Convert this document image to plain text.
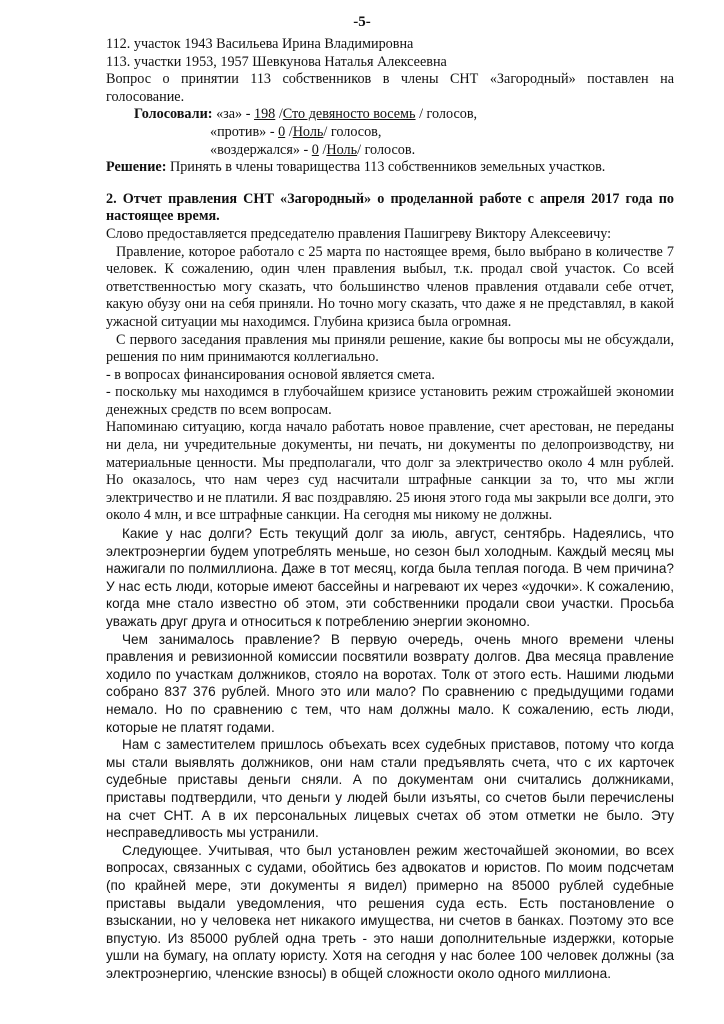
-5-

112. участок 1943 Васильева Ирина Владимировна

113. участки 1953, 1957 Шевкунова Наталья Алексеевна

Вопрос о принятии 113 собственников в члены СНТ «Загородный» поставлен на голосование.

Голосовали: «за» - 198 /Сто девяносто восемь / голосов,

«против» - 0 /Ноль/ голосов,

«воздержался» - 0 /Ноль/ голосов.

Решение: Принять в члены товарищества 113 собственников земельных участков.

2. Отчет правления СНТ «Загородный» о проделанной работе с апреля 2017 года по настоящее время.

Слово предоставляется председателю правления Пашигреву Виктору Алексеевичу:

Правление, которое работало с 25 марта по настоящее время, было выбрано в количестве 7 человек. К сожалению, один член правления выбыл, т.к. продал свой участок. Со всей ответственностью могу сказать, что большинство членов правления отдавали себе отчет, какую обузу они на себя приняли. Но точно могу сказать, что даже я не представлял, в какой ужасной ситуации мы находимся. Глубина кризиса была огромная.

С первого заседания правления мы приняли решение, какие бы вопросы мы не обсуждали, решения по ним принимаются коллегиально.

- в вопросах финансирования основой является смета.

- поскольку мы находимся в глубочайшем кризисе установить режим строжайшей экономии денежных средств по всем вопросам.

Напоминаю ситуацию, когда начало работать новое правление, счет арестован, не переданы ни дела, ни учредительные документы, ни печать, ни документы по делопроизводству, ни материальные ценности. Мы предполагали, что долг за электричество около 4 млн рублей. Но оказалось, что нам через суд насчитали штрафные санкции за то, что мы жгли электричество и не платили. Я вас поздравляю. 25 июня этого года мы закрыли все долги, это около 4 млн, и все штрафные санкции. На сегодня мы никому не должны.

Какие у нас долги? Есть текущий долг за июль, август, сентябрь. Надеялись, что электроэнергии будем употреблять меньше, но сезон был холодным. Каждый месяц мы нажигали по полмиллиона. Даже в тот месяц, когда была теплая погода. В чем причина? У нас есть люди, которые имеют бассейны и нагревают их через «удочки». К сожалению, когда мне стало известно об этом, эти собственники продали свои участки. Просьба уважать друг друга и относиться к потреблению энергии экономно.

Чем занималось правление? В первую очередь, очень много времени члены правления и ревизионной комиссии посвятили возврату долгов. Два месяца правление ходило по участкам должников, стояло на воротах. Толк от этого есть. Нашими людьми собрано 837 376 рублей. Много это или мало? По сравнению с предыдущими годами немало. Но по сравнению с тем, что нам должны мало. К сожалению, есть люди, которые не платят годами.

Нам с заместителем пришлось объехать всех судебных приставов, потому что когда мы стали выявлять должников, они нам стали предъявлять счета, что с их карточек судебные приставы деньги сняли. А по документам они считались должниками, приставы подтвердили, что деньги у людей были изъяты, со счетов были перечислены на счет СНТ. А в их персональных лицевых счетах об этом отметки не было. Эту несправедливость мы устранили.

Следующее. Учитывая, что был установлен режим жесточайшей экономии, во всех вопросах, связанных с судами, обойтись без адвокатов и юристов. По моим подсчетам (по крайней мере, эти документы я видел) примерно на 85000 рублей судебные приставы выдали уведомления, что решения суда есть. Есть постановление о взыскании, но у человека нет никакого имущества, ни счетов в банках. Поэтому это все впустую. Из 85000 рублей одна треть - это наши дополнительные издержки, которые ушли на бумагу, на оплату юристу. Хотя на сегодня у нас более 100 человек должны (за электроэнергию, членские взносы) в общей сложности около одного миллиона.
